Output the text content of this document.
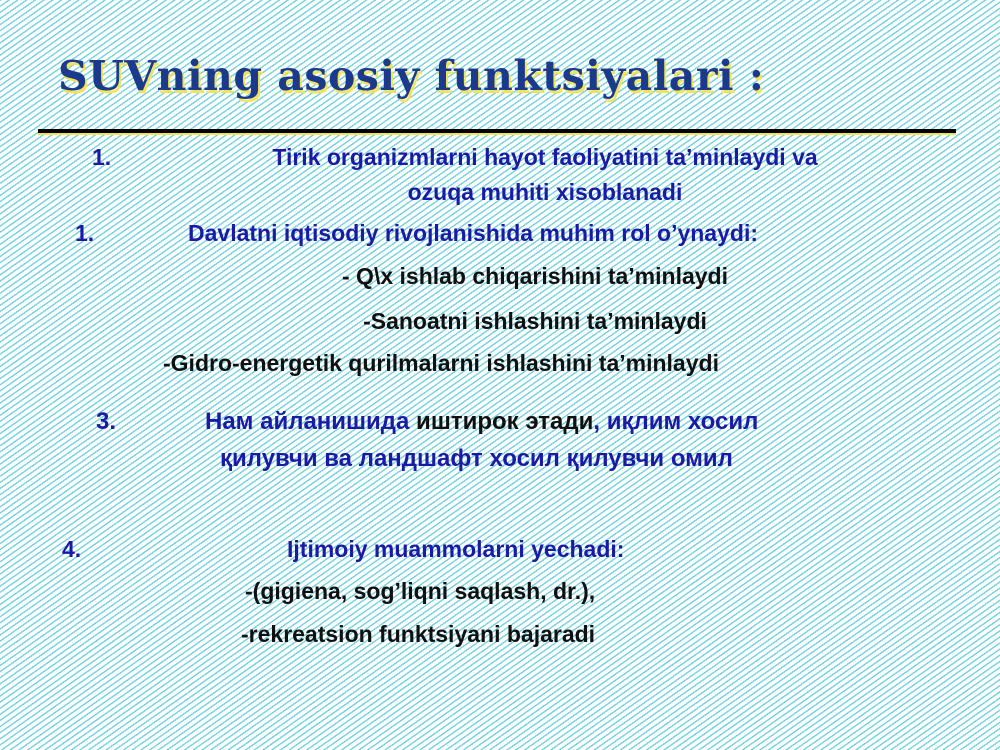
SUVning asosiy funktsiyalari :
1.	Tirik organizmlarni hayot faoliyatini ta’minlaydi va
ozuqa muhiti xisoblanadi
1.	Davlatni iqtisodiy rivojlanishida muhim rol o’ynaydi:
- Q\x ishlab chiqarishini ta’minlaydi
-Sanoatni ishlashini ta’minlaydi
-Gidro-energetik qurilmalarni ishlashini ta’minlaydi
3.	Нам айланишида иштирок этади, иқлим хосил
қилувчи ва ландшафт хосил қилувчи омил
4.	Ijtimoiy muammolarni yechadi:
-(gigiena, sog’liqni saqlash, dr.),
-rekreatsion funktsiyani bajaradi
